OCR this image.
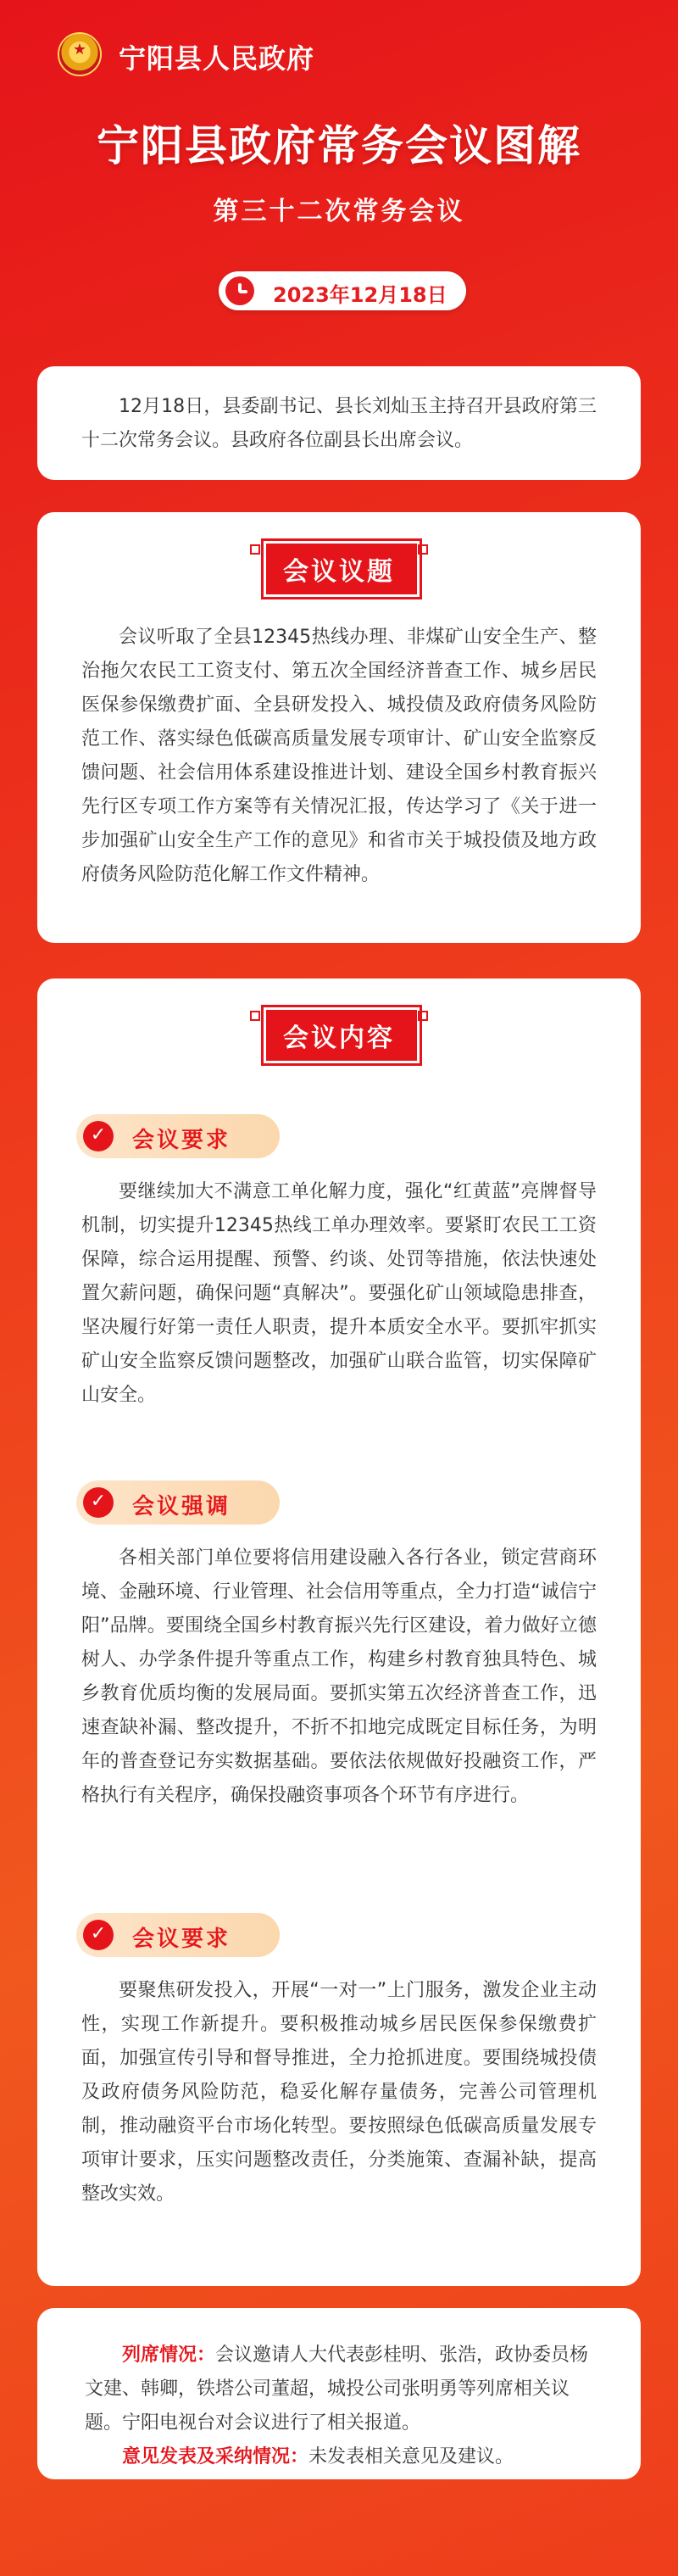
★
宁阳县人民政府
宁阳县政府常务会议图解
第三十二次常务会议
2023年12月18日

12月18日，县委副书记、县长刘灿玉主持召开县政府第三十二次常务会议。县政府各位副县长出席会议。

会议议题

会议听取了全县12345热线办理、非煤矿山安全生产、整治拖欠农民工工资支付、第五次全国经济普查工作、城乡居民医保参保缴费扩面、全县研发投入、城投债及政府债务风险防范工作、落实绿色低碳高质量发展专项审计、矿山安全监察反馈问题、社会信用体系建设推进计划、建设全国乡村教育振兴先行区专项工作方案等有关情况汇报，传达学习了《关于进一步加强矿山安全生产工作的意见》和省市关于城投债及地方政府债务风险防范化解工作文件精神。

会议内容
✓
会议要求

要继续加大不满意工单化解力度，强化“红黄蓝”亮牌督导机制，切实提升12345热线工单办理效率。要紧盯农民工工资保障，综合运用提醒、预警、约谈、处罚等措施，依法快速处置欠薪问题，确保问题“真解决”。要强化矿山领域隐患排查，坚决履行好第一责任人职责，提升本质安全水平。要抓牢抓实矿山安全监察反馈问题整改，加强矿山联合监管，切实保障矿山安全。

✓
会议强调

各相关部门单位要将信用建设融入各行各业，锁定营商环境、金融环境、行业管理、社会信用等重点，全力打造“诚信宁阳”品牌。要围绕全国乡村教育振兴先行区建设，着力做好立德树人、办学条件提升等重点工作，构建乡村教育独具特色、城乡教育优质均衡的发展局面。要抓实第五次经济普查工作，迅速查缺补漏、整改提升，不折不扣地完成既定目标任务，为明年的普查登记夯实数据基础。要依法依规做好投融资工作，严格执行有关程序，确保投融资事项各个环节有序进行。

✓
会议要求

要聚焦研发投入，开展“一对一”上门服务，激发企业主动性，实现工作新提升。要积极推动城乡居民医保参保缴费扩面，加强宣传引导和督导推进，全力抢抓进度。要围绕城投债及政府债务风险防范，稳妥化解存量债务，完善公司管理机制，推动融资平台市场化转型。要按照绿色低碳高质量发展专项审计要求，压实问题整改责任，分类施策、查漏补缺，提高整改实效。

列席情况：会议邀请人大代表彭桂明、张浩，政协委员杨文建、韩卿，铁塔公司董超，城投公司张明勇等列席相关议题。宁阳电视台对会议进行了相关报道。

意见发表及采纳情况：未发表相关意见及建议。
